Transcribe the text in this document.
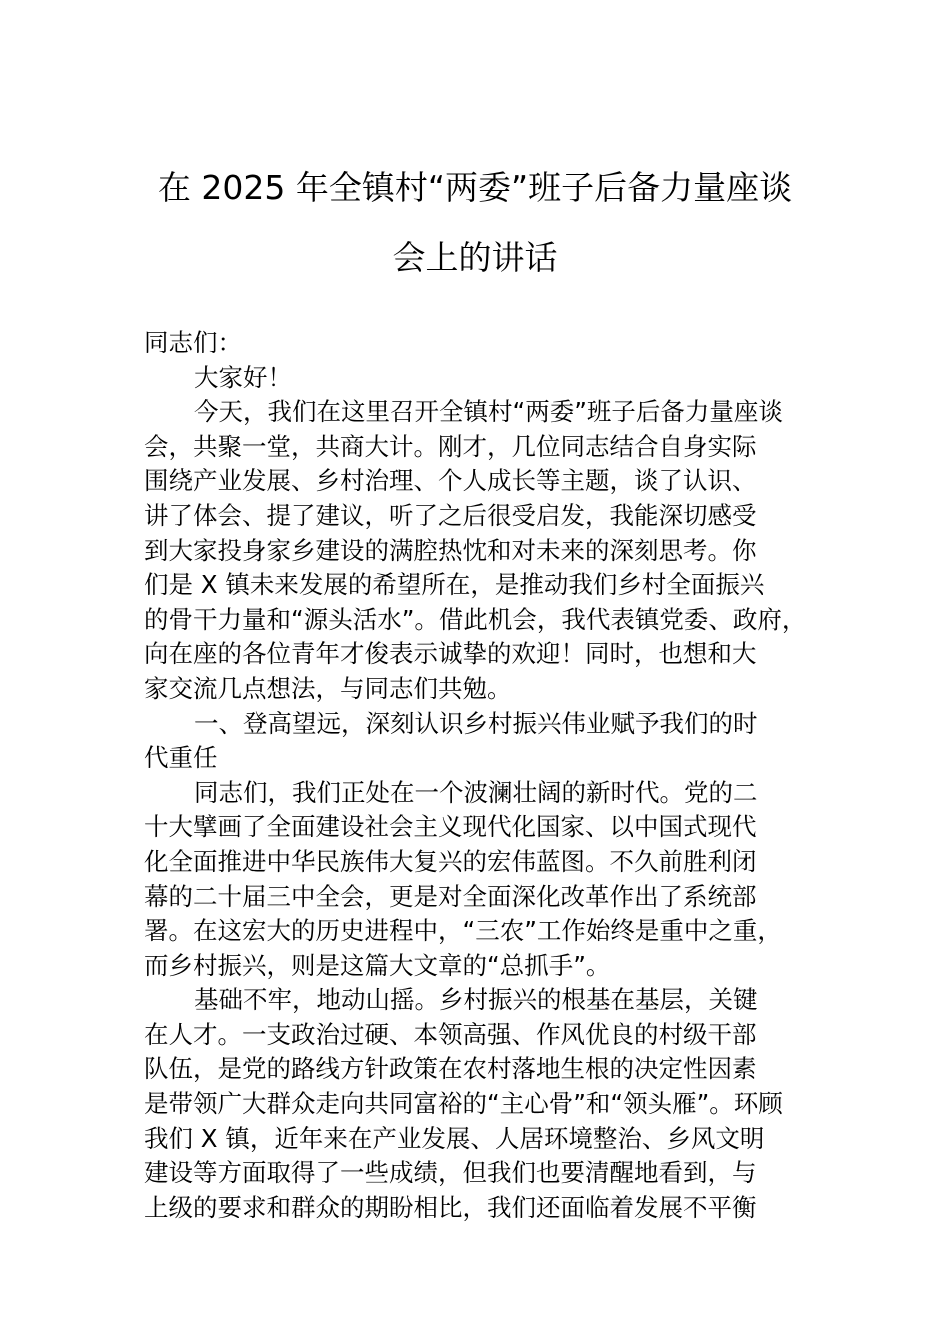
在 2025 年全镇村“两委”班子后备力量座谈
会上的讲话
同志们：
大家好！
今天，我们在这里召开全镇村“两委”班子后备力量座谈
会，共聚一堂，共商大计。刚才，几位同志结合自身实际
围绕产业发展、乡村治理、个人成长等主题，谈了认识、
讲了体会、提了建议，听了之后很受启发，我能深切感受
到大家投身家乡建设的满腔热忱和对未来的深刻思考。你
们是 X 镇未来发展的希望所在，是推动我们乡村全面振兴
的骨干力量和“源头活水”。借此机会，我代表镇党委、政府，
向在座的各位青年才俊表示诚挚的欢迎！同时，也想和大
家交流几点想法，与同志们共勉。
一、登高望远，深刻认识乡村振兴伟业赋予我们的时
代重任
同志们，我们正处在一个波澜壮阔的新时代。党的二
十大擘画了全面建设社会主义现代化国家、以中国式现代
化全面推进中华民族伟大复兴的宏伟蓝图。不久前胜利闭
幕的二十届三中全会，更是对全面深化改革作出了系统部
署。在这宏大的历史进程中，“三农”工作始终是重中之重，
而乡村振兴，则是这篇大文章的“总抓手”。
基础不牢，地动山摇。乡村振兴的根基在基层，关键
在人才。一支政治过硬、本领高强、作风优良的村级干部
队伍，是党的路线方针政策在农村落地生根的决定性因素
是带领广大群众走向共同富裕的“主心骨”和“领头雁”。环顾
我们 X 镇，近年来在产业发展、人居环境整治、乡风文明
建设等方面取得了一些成绩，但我们也要清醒地看到，与
上级的要求和群众的期盼相比，我们还面临着发展不平衡
